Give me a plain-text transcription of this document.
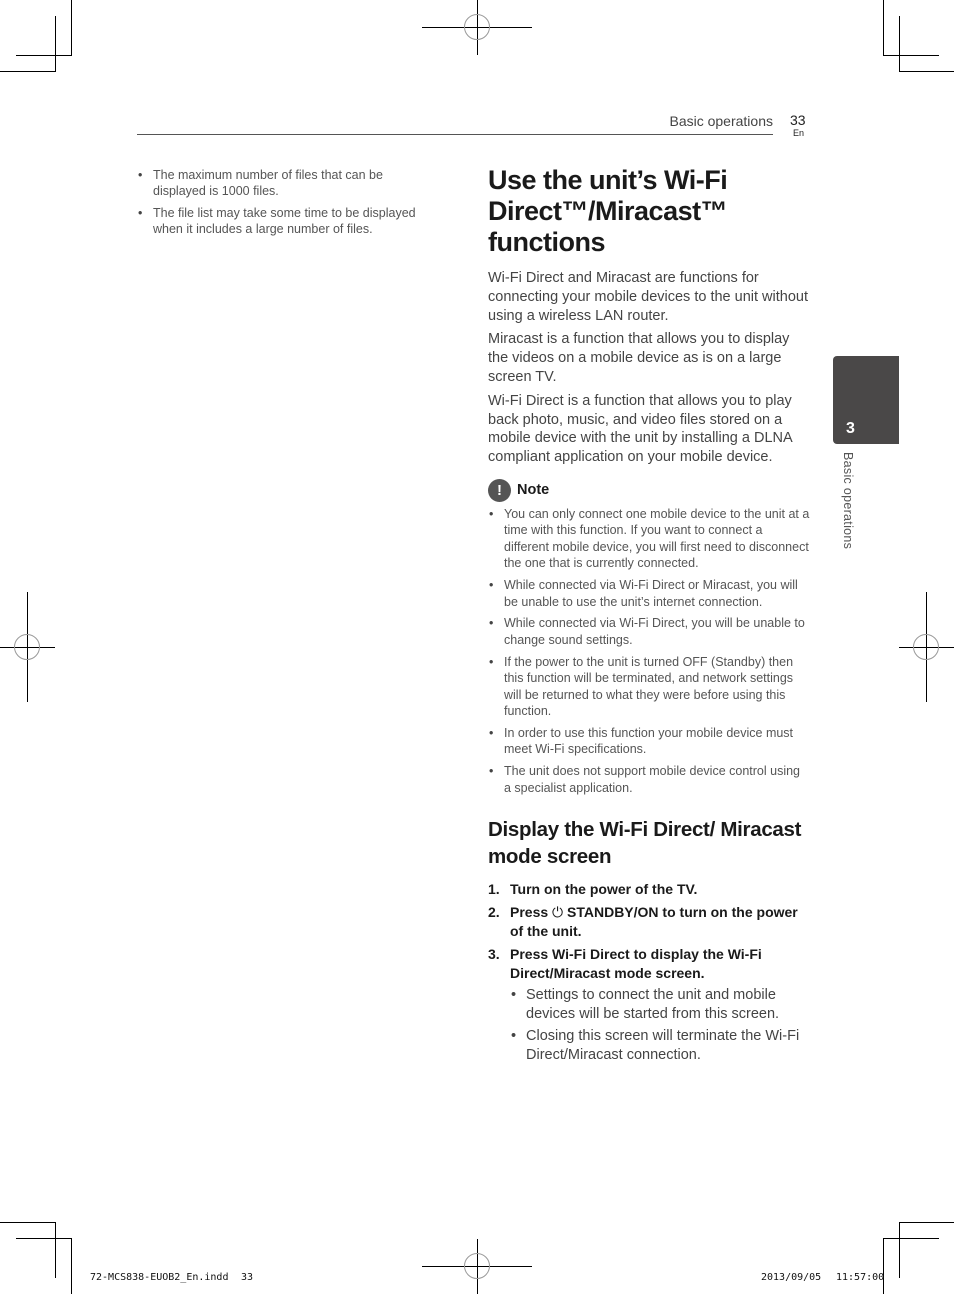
Basic operations 33
En
• The maximum number of files that can be displayed is 1000 files.
• The file list may take some time to be displayed when it includes a large number of files.
Use the unit’s Wi-Fi Direct™/Miracast™ functions

Wi-Fi Direct and Miracast are functions for connecting your mobile devices to the unit without using a wireless LAN router.

Miracast is a function that allows you to display the videos on a mobile device as is on a large screen TV.

Wi-Fi Direct is a function that allows you to play back photo, music, and video files stored on a mobile device with the unit by installing a DLNA compliant application on your mobile device.

!	Note
• You can only connect one mobile device to the unit at a time with this function. If you want to connect a different mobile device, you will first need to disconnect the one that is currently connected.
• While connected via Wi-Fi Direct or Miracast, you will be unable to use the unit’s internet connection.
• While connected via Wi-Fi Direct, you will be unable to change sound settings.
• If the power to the unit is turned OFF (Standby) then this function will be terminated, and network settings will be returned to what they were before using this function.
• In order to use this function your mobile device must meet Wi-Fi specifications.
• The unit does not support mobile device control using a specialist application.
Display the Wi-Fi Direct/ Miracast mode screen
1. Turn on the power of the TV.
2. Press ⏻ STANDBY/ON to turn on the power of the unit.
3. Press Wi-Fi Direct to display the Wi-Fi Direct/Miracast mode screen.
• Settings to connect the unit and mobile devices will be started from this screen.
• Closing this screen will terminate the Wi-Fi Direct/Miracast connection.
3
Basic operations
72-MCS838-EUOB2_En.indd 33	2013/09/05 11:57:00
